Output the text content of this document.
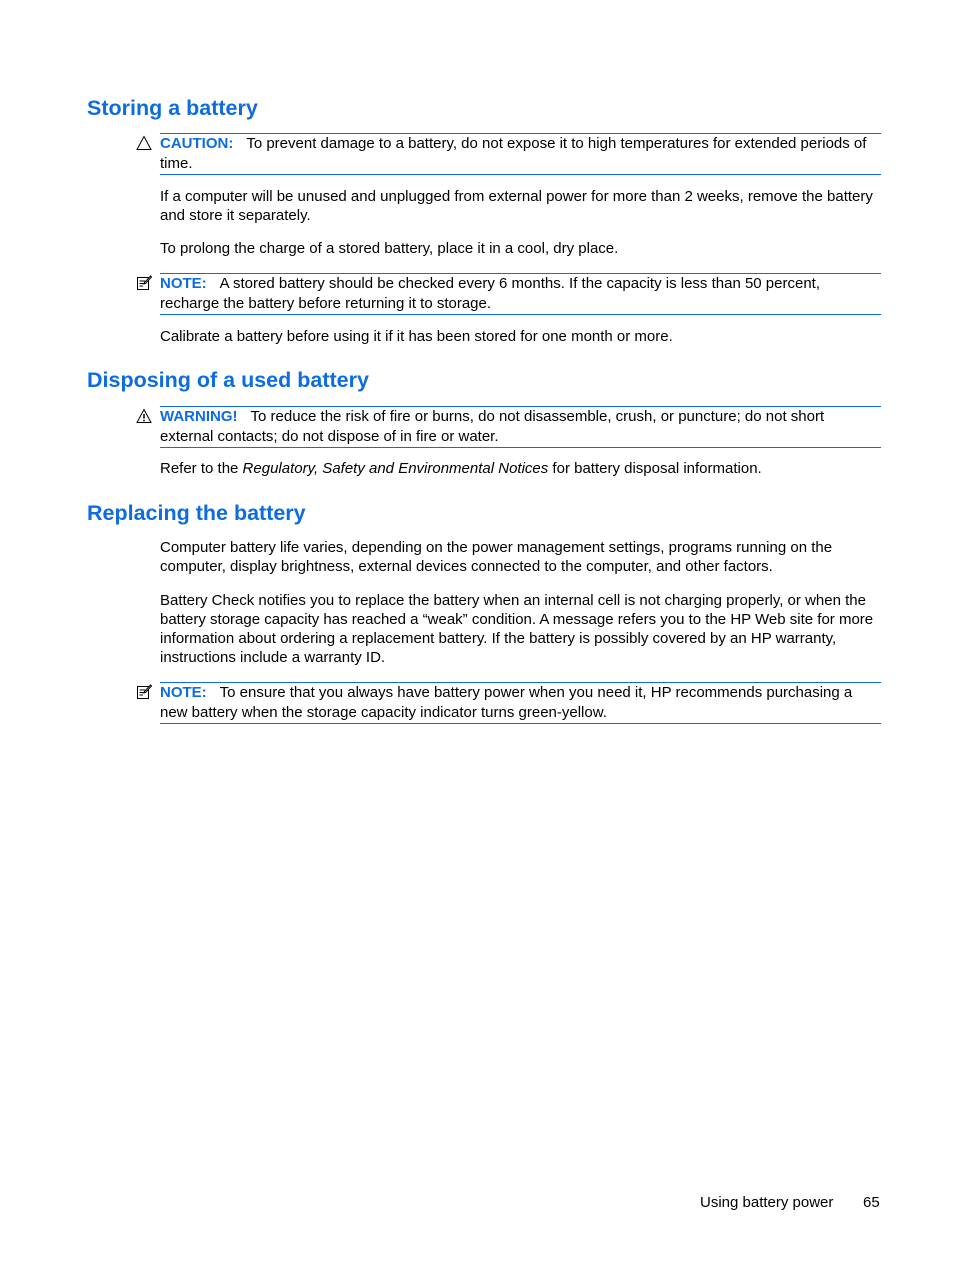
Storing a battery
CAUTION: To prevent damage to a battery, do not expose it to high temperatures for extended periods of time.

If a computer will be unused and unplugged from external power for more than 2 weeks, remove the battery and store it separately.

To prolong the charge of a stored battery, place it in a cool, dry place.

NOTE: A stored battery should be checked every 6 months. If the capacity is less than 50 percent, recharge the battery before returning it to storage.

Calibrate a battery before using it if it has been stored for one month or more.

Disposing of a used battery
WARNING! To reduce the risk of fire or burns, do not disassemble, crush, or puncture; do not short external contacts; do not dispose of in fire or water.

Refer to the Regulatory, Safety and Environmental Notices for battery disposal information.

Replacing the battery

Computer battery life varies, depending on the power management settings, programs running on the computer, display brightness, external devices connected to the computer, and other factors.

Battery Check notifies you to replace the battery when an internal cell is not charging properly, or when the battery storage capacity has reached a “weak” condition. A message refers you to the HP Web site for more information about ordering a replacement battery. If the battery is possibly covered by an HP warranty, instructions include a warranty ID.

NOTE: To ensure that you always have battery power when you need it, HP recommends purchasing a new battery when the storage capacity indicator turns green-yellow.
Using battery power 65
